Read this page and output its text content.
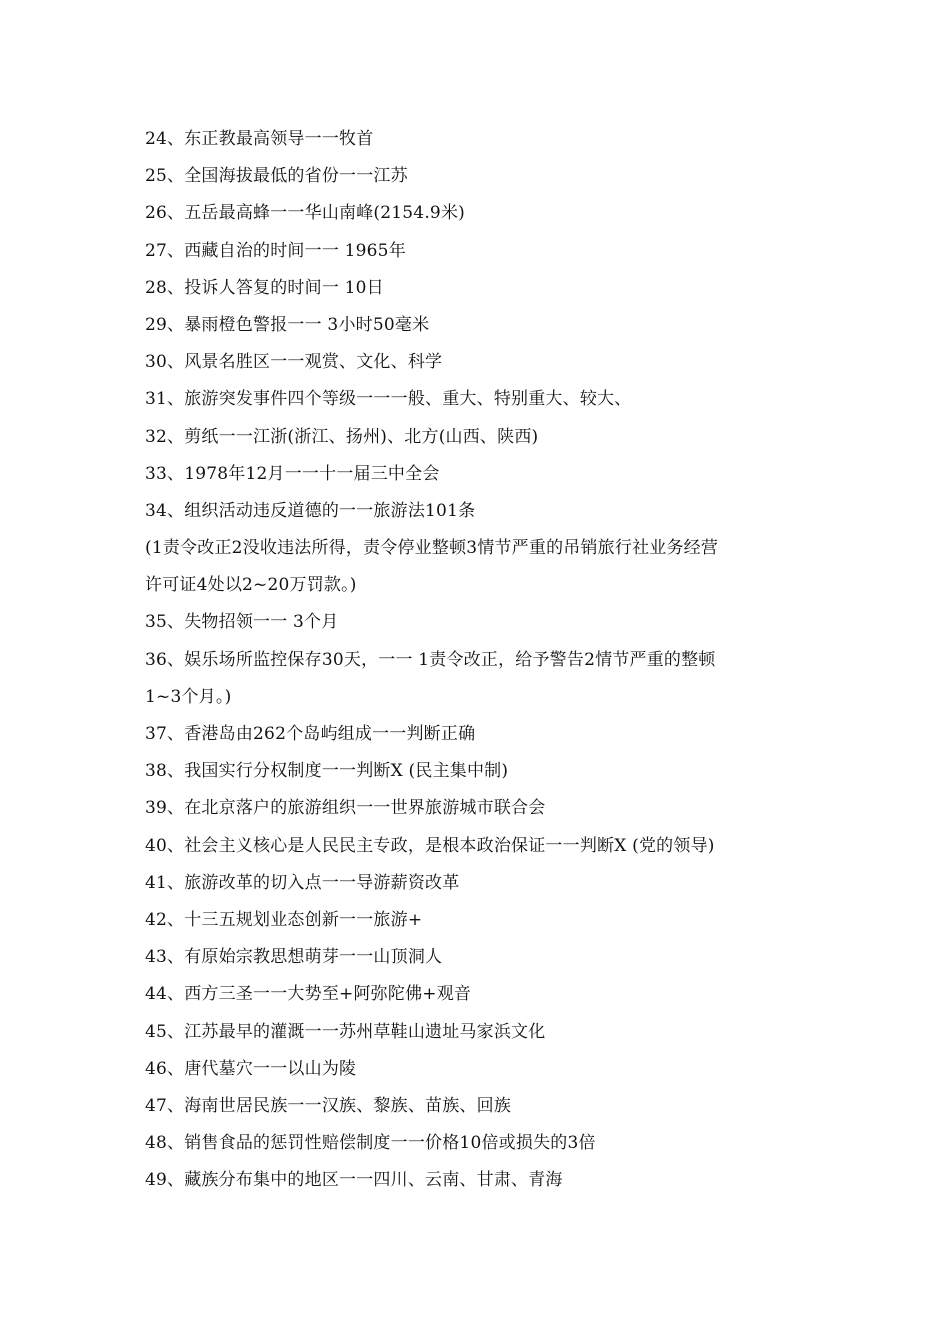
24、东正教最高领导一一牧首
25、全国海拔最低的省份一一江苏
26、五岳最高蜂一一华山南峰(2154.9米)
27、西藏自治的时间一一 1965年
28、投诉人答复的时间一 10日
29、暴雨橙色警报一一 3小时50毫米
30、风景名胜区一一观赏、文化、科学
31、旅游突发事件四个等级一一一般、重大、特别重大、较大、
32、剪纸一一江浙(浙江、扬州)、北方(山西、陕西)
33、1978年12月一一十一届三中全会
34、组织活动违反道德的一一旅游法101条
(1责令改正2没收违法所得，责令停业整顿3情节严重的吊销旅行社业务经营
许可证4处以2~20万罚款。)
35、失物招领一一 3个月
36、娱乐场所监控保存30天，一一 1责令改正，给予警告2情节严重的整顿
1~3个月。)
37、香港岛由262个岛屿组成一一判断正确
38、我国实行分权制度一一判断X (民主集中制)
39、在北京落户的旅游组织一一世界旅游城市联合会
40、社会主义核心是人民民主专政，是根本政治保证一一判断X (党的领导)
41、旅游改革的切入点一一导游薪资改革
42、十三五规划业态创新一一旅游+
43、有原始宗教思想萌芽一一山顶洞人
44、西方三圣一一大势至+阿弥陀佛+观音
45、江苏最早的灌溉一一苏州草鞋山遗址马家浜文化
46、唐代墓穴一一以山为陵
47、海南世居民族一一汉族、黎族、苗族、回族
48、销售食品的惩罚性赔偿制度一一价格10倍或损失的3倍
49、藏族分布集中的地区一一四川、云南、甘肃、青海
